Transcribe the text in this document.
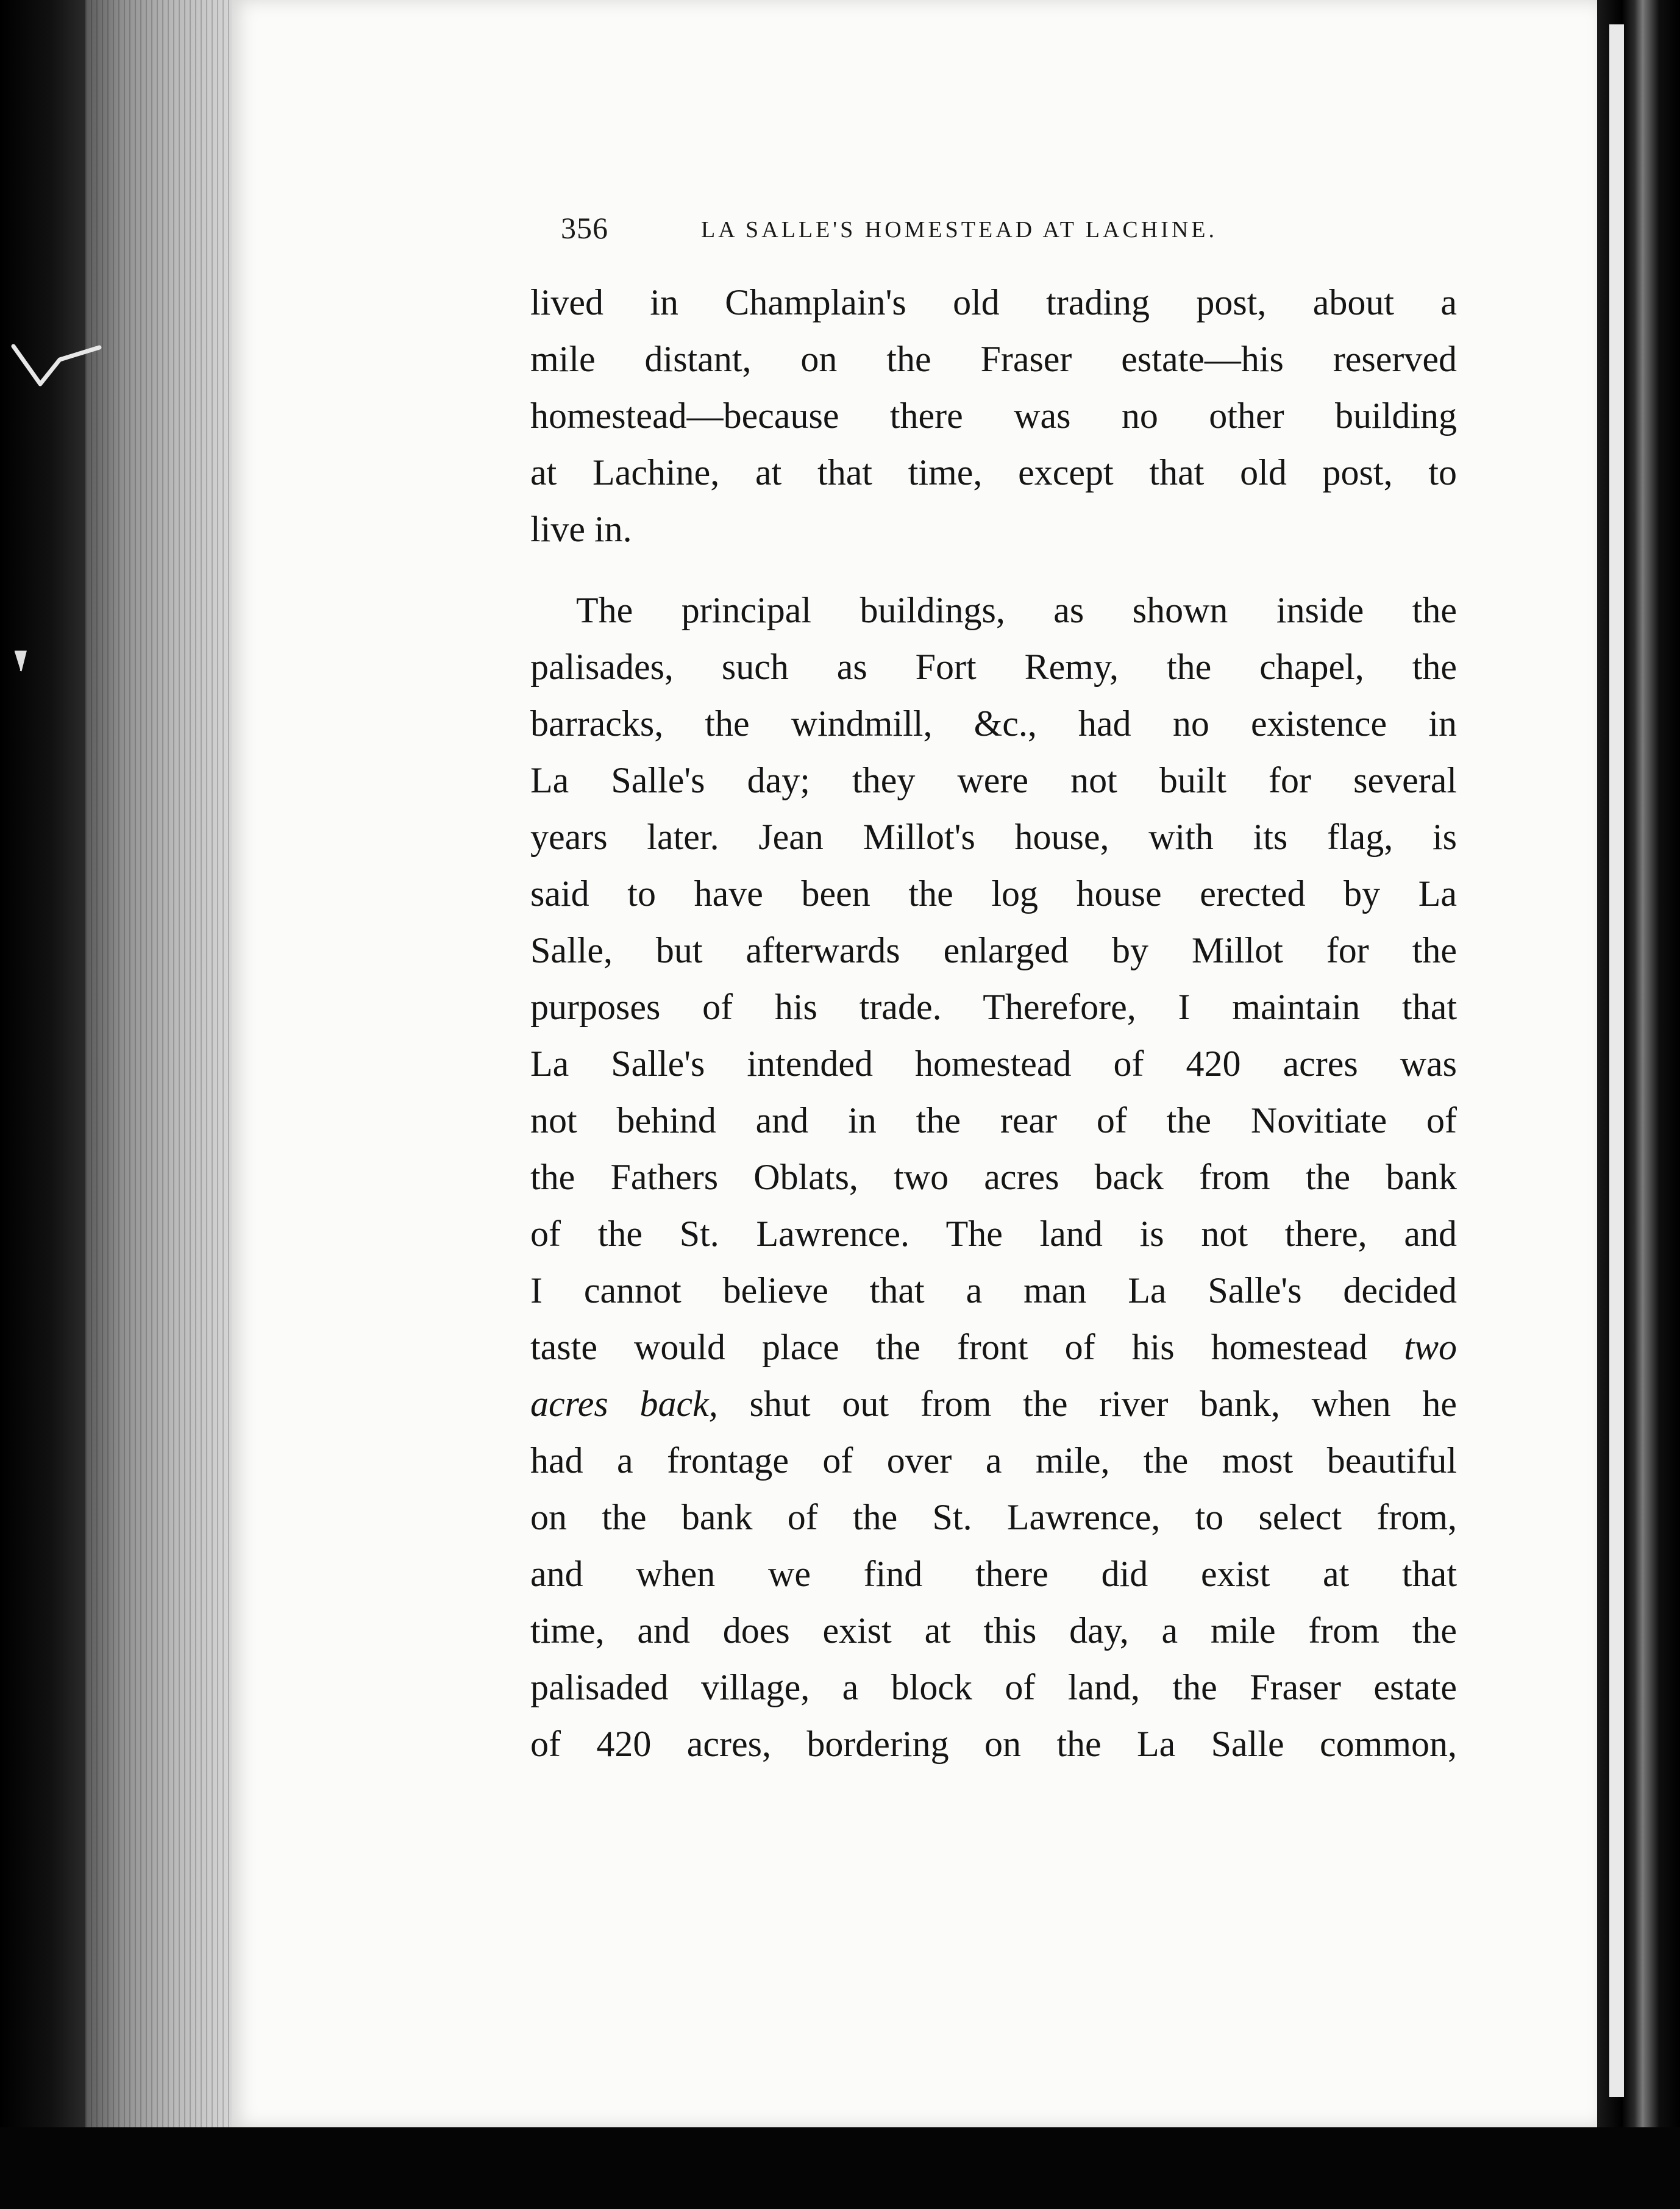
356	LA SALLE'S HOMESTEAD AT LACHINE.
lived in Champlain's old trading post, about a
mile distant, on the Fraser estate—his reserved
homestead—because there was no other building
at Lachine, at that time, except that old post, to
live in.
The principal buildings, as shown inside the
palisades, such as Fort Remy, the chapel, the
barracks, the windmill, &c., had no existence in
La Salle's day; they were not built for several
years later. Jean Millot's house, with its flag, is
said to have been the log house erected by La
Salle, but afterwards enlarged by Millot for the
purposes of his trade. Therefore, I maintain that
La Salle's intended homestead of 420 acres was
not behind and in the rear of the Novitiate of
the Fathers Oblats, two acres back from the bank
of the St. Lawrence. The land is not there, and
I cannot believe that a man La Salle's decided
taste would place the front of his homestead two
acres back, shut out from the river bank, when he
had a frontage of over a mile, the most beautiful
on the bank of the St. Lawrence, to select from,
and when we find there did exist at that
time, and does exist at this day, a mile from the
palisaded village, a block of land, the Fraser estate
of 420 acres, bordering on the La Salle common,
